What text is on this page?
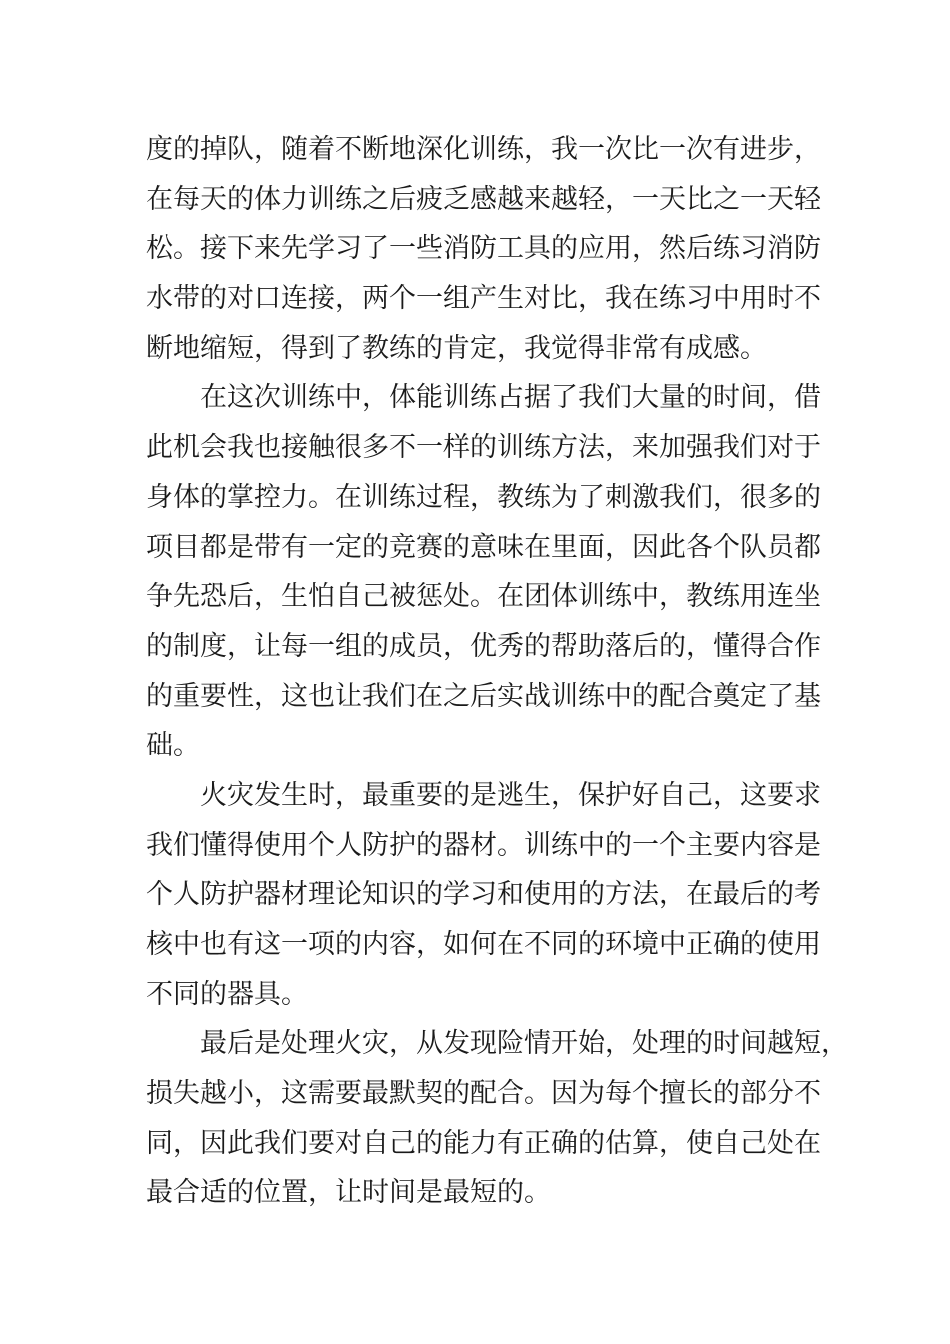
度的掉队，随着不断地深化训练，我一次比一次有进步，
在每天的体力训练之后疲乏感越来越轻，一天比之一天轻
松。接下来先学习了一些消防工具的应用，然后练习消防
水带的对口连接，两个一组产生对比，我在练习中用时不
断地缩短，得到了教练的肯定，我觉得非常有成感。
在这次训练中，体能训练占据了我们大量的时间，借
此机会我也接触很多不一样的训练方法，来加强我们对于
身体的掌控力。在训练过程，教练为了刺激我们，很多的
项目都是带有一定的竞赛的意味在里面，因此各个队员都
争先恐后，生怕自己被惩处。在团体训练中，教练用连坐
的制度，让每一组的成员，优秀的帮助落后的，懂得合作
的重要性，这也让我们在之后实战训练中的配合奠定了基
础。
火灾发生时，最重要的是逃生，保护好自己，这要求
我们懂得使用个人防护的器材。训练中的一个主要内容是
个人防护器材理论知识的学习和使用的方法，在最后的考
核中也有这一项的内容，如何在不同的环境中正确的使用
不同的器具。
最后是处理火灾，从发现险情开始，处理的时间越短，
损失越小，这需要最默契的配合。因为每个擅长的部分不
同，因此我们要对自己的能力有正确的估算，使自己处在
最合适的位置，让时间是最短的。
